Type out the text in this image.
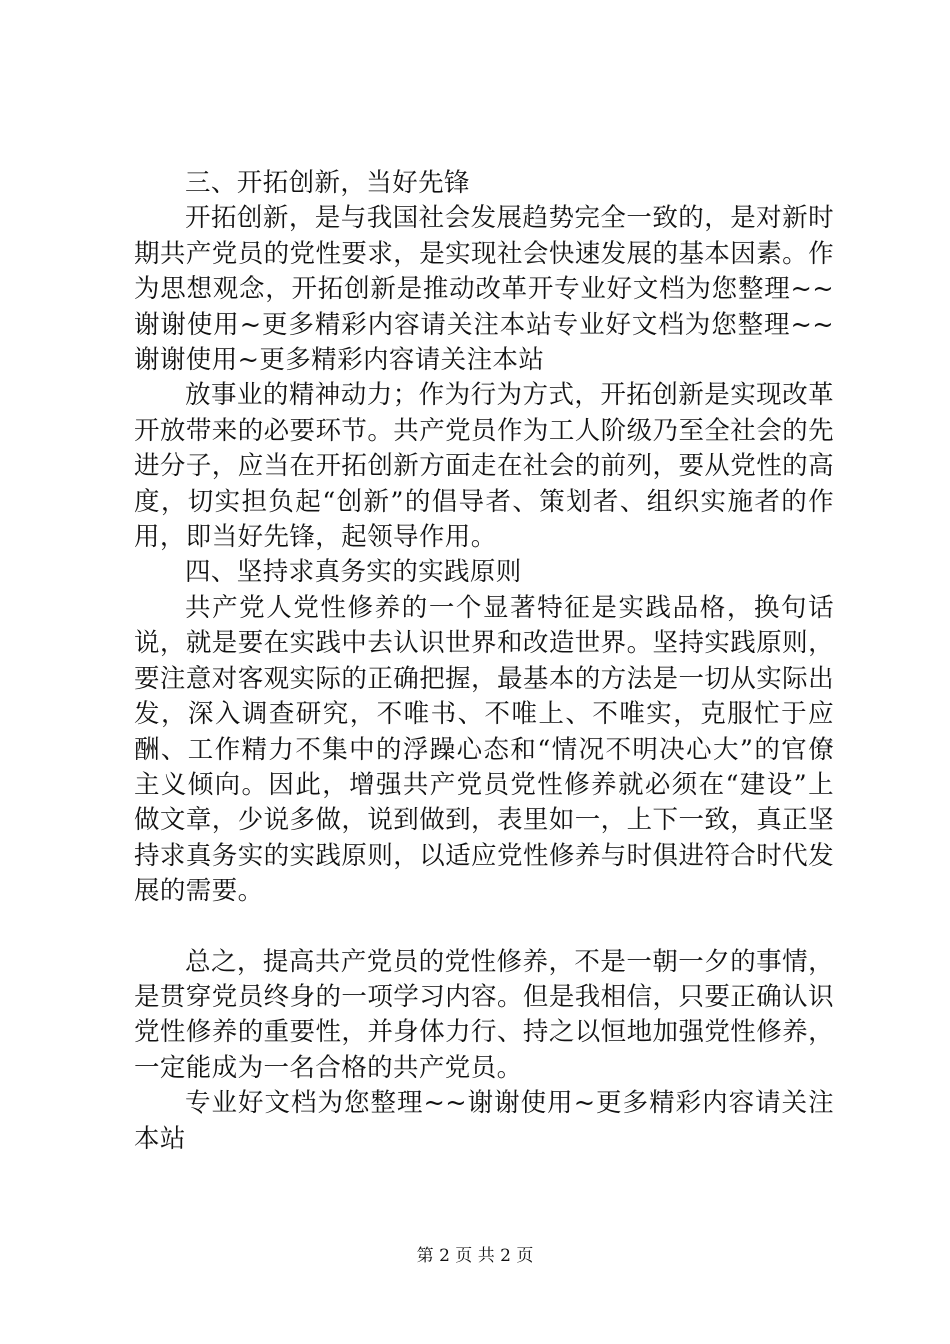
三、开拓创新，当好先锋

开拓创新，是与我国社会发展趋势完全一致的，是对新时期共产党员的党性要求，是实现社会快速发展的基本因素。作为思想观念，开拓创新是推动改革开专业好文档为您整理~~谢谢使用~更多精彩内容请关注本站专业好文档为您整理~~谢谢使用~更多精彩内容请关注本站

放事业的精神动力；作为行为方式，开拓创新是实现改革开放带来的必要环节。共产党员作为工人阶级乃至全社会的先进分子，应当在开拓创新方面走在社会的前列，要从党性的高度，切实担负起“创新”的倡导者、策划者、组织实施者的作用，即当好先锋，起领导作用。

四、坚持求真务实的实践原则

共产党人党性修养的一个显著特征是实践品格，换句话说，就是要在实践中去认识世界和改造世界。坚持实践原则，要注意对客观实际的正确把握，最基本的方法是一切从实际出发，深入调查研究，不唯书、不唯上、不唯实，克服忙于应酬、工作精力不集中的浮躁心态和“情况不明决心大”的官僚主义倾向。因此，增强共产党员党性修养就必须在“建设”上做文章，少说多做，说到做到，表里如一，上下一致，真正坚持求真务实的实践原则，以适应党性修养与时俱进符合时代发展的需要。

总之，提高共产党员的党性修养，不是一朝一夕的事情，是贯穿党员终身的一项学习内容。但是我相信，只要正确认识党性修养的重要性，并身体力行、持之以恒地加强党性修养，一定能成为一名合格的共产党员。

专业好文档为您整理~~谢谢使用~更多精彩内容请关注本站

第 2 页 共 2 页
